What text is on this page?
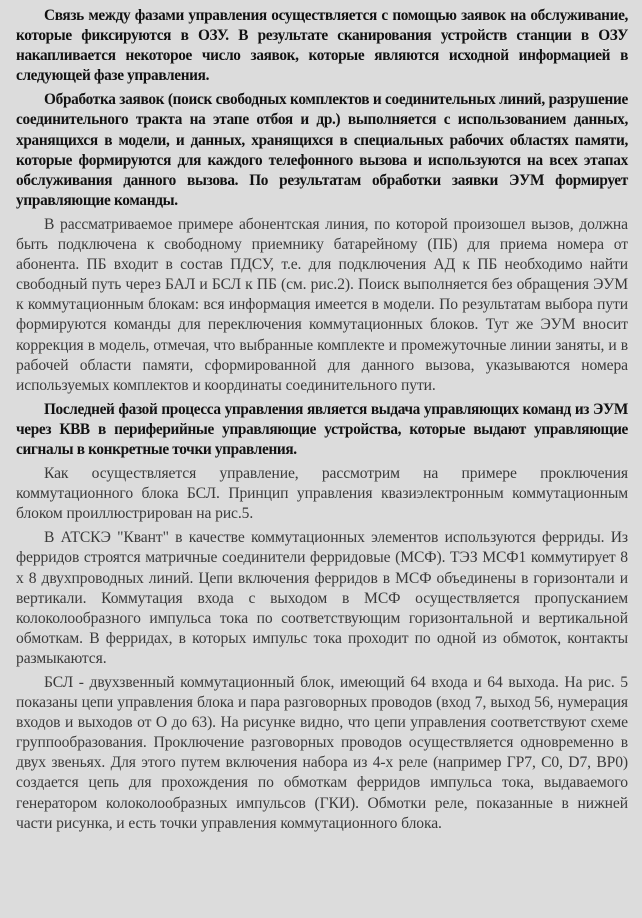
Связь между фазами управления осуществляется с помощью заявок на обслуживание, которые фиксируются в ОЗУ. В результате сканирования устройств станции в ОЗУ накапливается некоторое число заявок, которые являются исходной информацией в следующей фазе управления.

Обработка заявок (поиск свободных комплектов и соединительных линий, разрушение соединительного тракта на этапе отбоя и др.) выполняется с использованием данных, хранящихся в модели, и данных, хранящихся в специальных рабочих областях памяти, которые формируются для каждого телефонного вызова и используются на всех этапах обслуживания данного вызова. По результатам обработки заявки ЭУМ формирует управляющие команды.

В рассматриваемое примере абонентская линия, по которой произошел вызов, должна быть подключена к свободному приемнику батарейному (ПБ) для приема номера от абонента. ПБ входит в состав ПДСУ, т.е. для подключения АД к ПБ необходимо найти свободный путь через БАЛ и БСЛ к ПБ (см. рис.2). Поиск выполняется без обращения ЭУМ к коммутационным блокам: вся информация имеется в модели. По результатам выбора пути формируются команды для переключения коммутационных блоков. Тут же ЭУМ вносит коррекция в модель, отмечая, что выбранные комплекте и промежуточные линии заняты, и в рабочей области памяти, сформированной для данного вызова, указываются номера используемых комплектов и координаты соединительного пути.

Последней фазой процесса управления является выдача управляющих команд из ЭУМ через КВВ в периферийные управляющие устройства, которые выдают управляющие сигналы в конкретные точки управления.

Как осуществляется управление, рассмотрим на примере проключения коммутационного блока БСЛ. Принцип управления квазиэлектронным коммутационным блоком проиллюстрирован на рис.5.

В АТСКЭ "Квант" в качестве коммутационных элементов используются ферриды. Из ферридов строятся матричные соединители ферридовые (МСФ). ТЭЗ МСФ1 коммутирует 8 х 8 двухпроводных линий. Цепи включения ферридов в МСФ объединены в горизонтали и вертикали. Коммутация входа с выходом в МСФ осуществляется пропусканием колоколообразного импульса тока по соответствующим горизонтальной и вертикальной обмоткам. В ферридах, в которых импульс тока проходит по одной из обмоток, контакты размыкаются.

БСЛ - двухзвенный коммутационный блок, имеющий 64 входа и 64 выхода. На рис. 5 показаны цепи управления блока и пара разговорных проводов (вход 7, выход 56, нумерация входов и выходов от О до 63). На рисунке видно, что цепи управления соответствуют схеме группообразования. Проключение разговорных проводов осуществляется одновременно в двух звеньях. Для этого путем включения набора из 4-х реле (например ГР7, С0, D7, ВР0) создается цепь для прохождения по обмоткам ферридов импульса тока, выдаваемого генератором колоколообразных импульсов (ГКИ). Обмотки реле, показанные в нижней части рисунка, и есть точки управления коммутационного блока.
